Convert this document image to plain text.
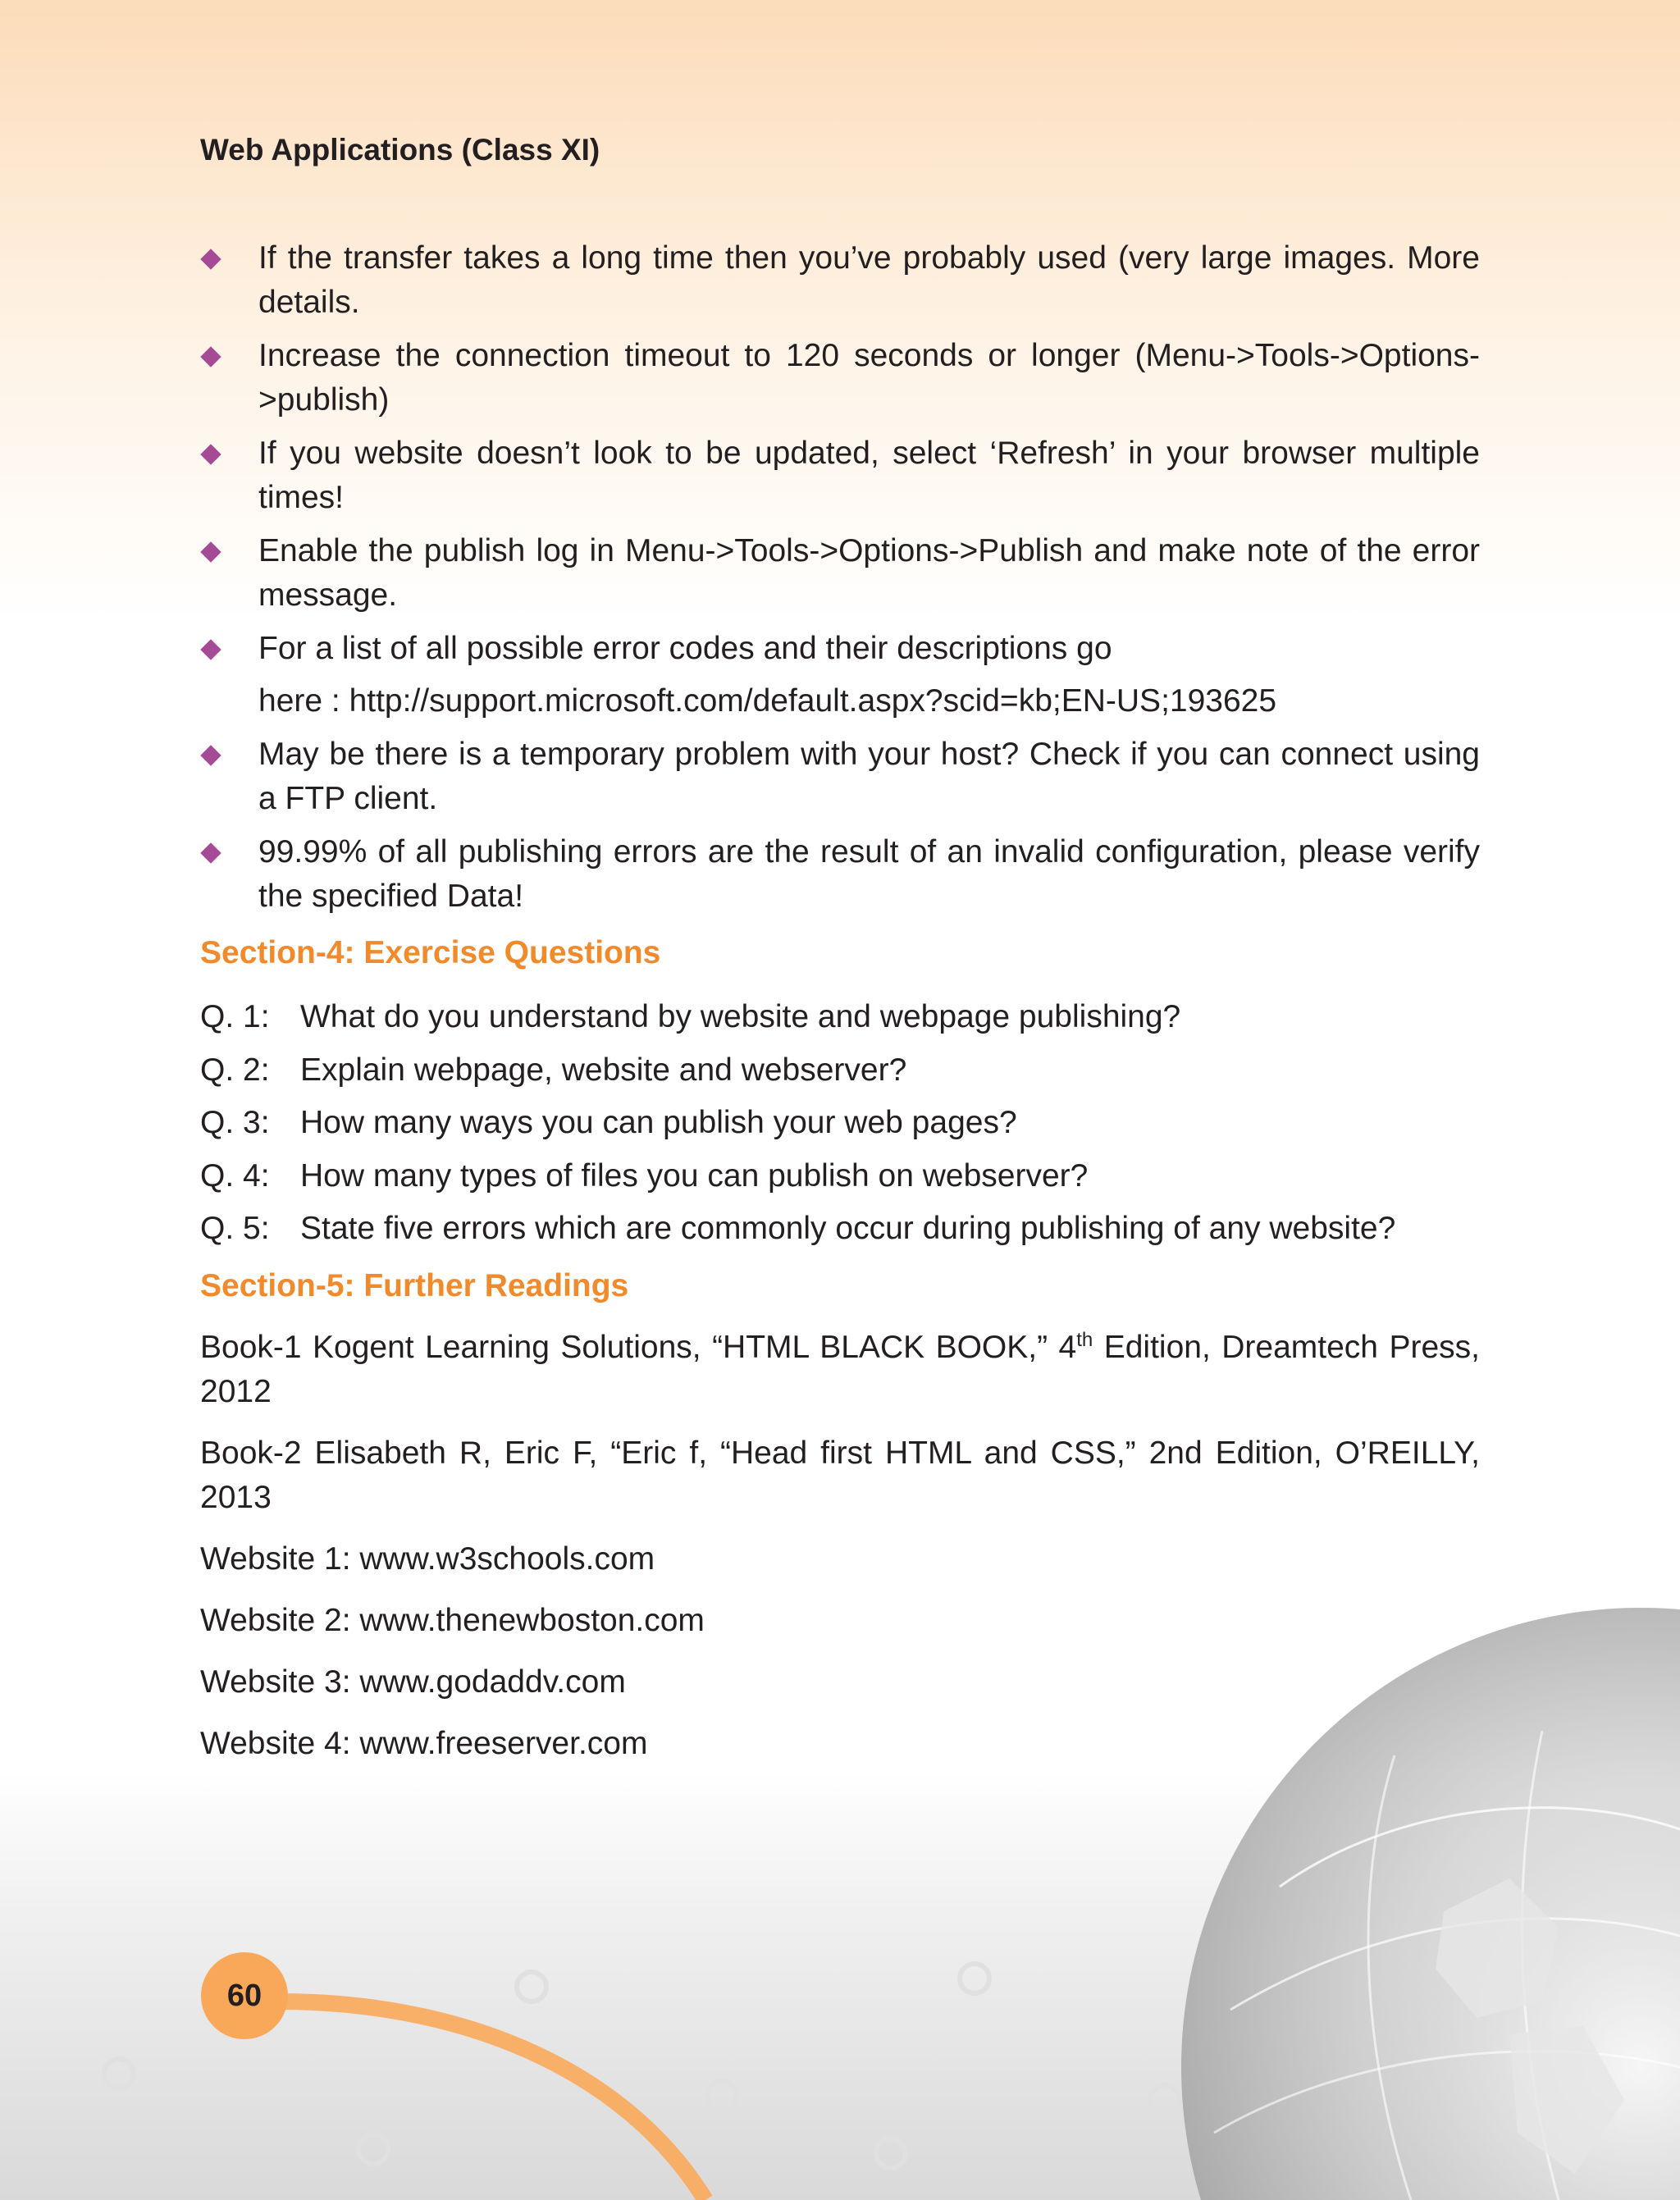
Web Applications (Class XI)
If the transfer takes a long time then you’ve probably used (very large images. More details.
Increase the connection timeout to 120 seconds or longer (Menu->Tools->Options->publish)
If you website doesn’t look to be updated, select ‘Refresh’ in your browser multiple times!
Enable the publish log in Menu->Tools->Options->Publish and make note of the error message.
For a list of all possible error codes and their descriptions go
here : http://support.microsoft.com/default.aspx?scid=kb;EN-US;193625
May be there is a temporary problem with your host? Check if you can connect using a FTP client.
99.99% of all publishing errors are the result of an invalid configuration, please verify the specified Data!
Section-4: Exercise Questions
Q. 1: What do you understand by website and webpage publishing?
Q. 2: Explain webpage, website and webserver?
Q. 3: How many ways you can publish your web pages?
Q. 4: How many types of files you can publish on webserver?
Q. 5: State five errors which are commonly occur during publishing of any website?
Section-5: Further Readings
Book-1 Kogent Learning Solutions, “HTML BLACK BOOK,” 4th Edition, Dreamtech Press, 2012
Book-2 Elisabeth R, Eric F, “Eric f, “Head first HTML and CSS,” 2nd Edition, O’REILLY, 2013
Website 1: www.w3schools.com
Website 2: www.thenewboston.com
Website 3: www.godaddv.com
Website 4: www.freeserver.com
60
